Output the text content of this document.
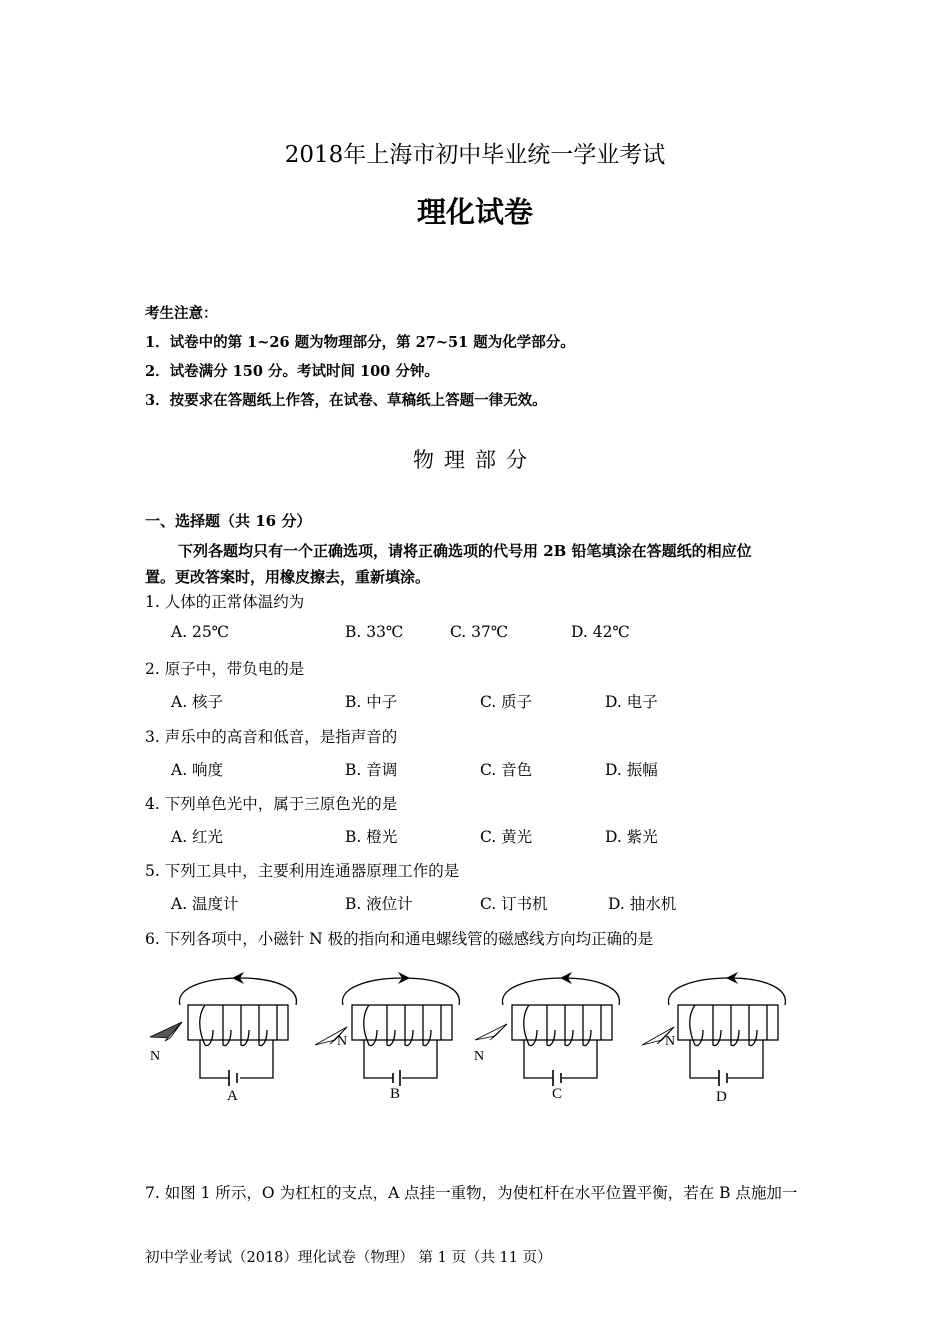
2018年上海市初中毕业统一学业考试
理化试卷
考生注意：
1．试卷中的第 1~26 题为物理部分，第 27~51 题为化学部分。
2．试卷满分 150 分。考试时间 100 分钟。
3．按要求在答题纸上作答，在试卷、草稿纸上答题一律无效。
物理部分
一、选择题（共 16 分）
下列各题均只有一个正确选项，请将正确选项的代号用 2B 铅笔填涂在答题纸的相应位
置。更改答案时，用橡皮擦去，重新填涂。
1. 人体的正常体温约为
A. 25℃	B. 33℃	C. 37℃	D. 42℃
2. 原子中，带负电的是
A. 核子	B. 中子	C. 质子	D. 电子
3. 声乐中的高音和低音，是指声音的
A. 响度	B. 音调	C. 音色	D. 振幅
4. 下列单色光中，属于三原色光的是
A. 红光	B. 橙光	C. 黄光	D. 紫光
5. 下列工具中，主要利用连通器原理工作的是
A. 温度计	B. 液位计	C. 订书机	D. 抽水机
6. 下列各项中，小磁针 N 极的指向和通电螺线管的磁感线方向均正确的是
N
A
N
B
N
C
N
D
7. 如图 1 所示，O 为杠杠的支点，A 点挂一重物，为使杠杆在水平位置平衡，若在 B 点施加一
初中学业考试（2018）理化试卷（物理） 第 1 页（共 11 页）
